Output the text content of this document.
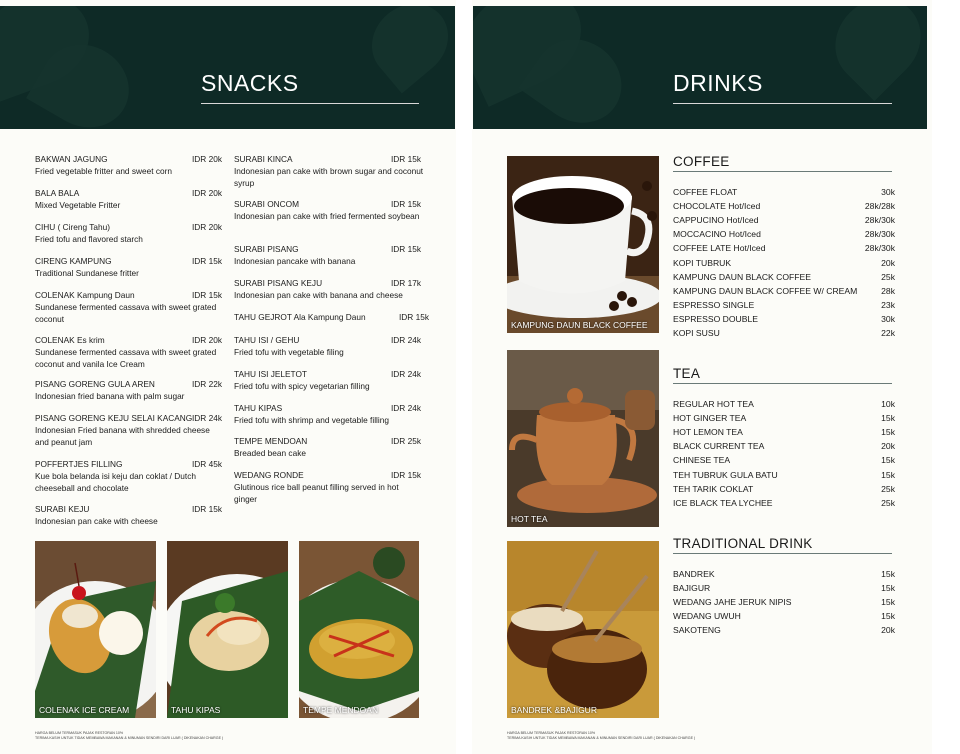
SNACKS
BAKWAN JAGUNG	IDR 20k
Fried vegetable fritter and sweet corn
BALA BALA	IDR 20k
Mixed Vegetable Fritter
CIHU ( Cireng Tahu)	IDR 20k
Fried tofu and flavored starch
CIRENG KAMPUNG	IDR 15k
Traditional Sundanese fritter
COLENAK Kampung Daun	IDR 15k
Sundanese fermented cassava with sweet grated coconut
COLENAK Es krim	IDR 20k
Sundanese fermented cassava with sweet grated coconut and vanila Ice Cream
PISANG GORENG GULA AREN	IDR 22k
Indonesian fried banana with palm sugar
PISANG GORENG KEJU SELAI KACANG IDR 24k
Indonesian Fried banana with shredded cheese and peanut jam
POFFERTJES FILLING	IDR 45k
Kue bola belanda isi keju dan coklat / Dutch cheeseball and chocolate
SURABI KEJU	IDR 15k
Indonesian pan cake with cheese
SURABI KINCA	IDR 15k
Indonesian pan cake with brown sugar and coconut syrup
SURABI ONCOM	IDR 15k
Indonesian pan cake with fried fermented soybean
SURABI PISANG	IDR 15k
Indonesian pancake with banana
SURABI PISANG KEJU	IDR 17k
Indonesian pan cake with banana and cheese
TAHU GEJROT Ala Kampung Daun	IDR 15k
TAHU ISI / GEHU	IDR 24k
Fried tofu with vegetable filing
TAHU ISI JELETOT	IDR 24k
Fried tofu with spicy vegetarian filling
TAHU KIPAS	IDR 24k
Fried tofu with shrimp and vegetable filling
TEMPE MENDOAN	IDR 25k
Breaded bean cake
WEDANG RONDE	IDR 15k
Glutinous rice ball peanut filling served in hot ginger
COLENAK ICE CREAM	TAHU KIPAS	TEMPE MENDOAN
HARGA BELUM TERMASUK PAJAK RESTORAN 10%
TERIMA KASIH UNTUK TIDAK MEMBAWA MAKANAN & MINUMAN SENDIRI DARI LUAR ( DIKENAKAN CHARGE )
DRINKS
KAMPUNG DAUN BLACK COFFEE
HOT TEA
BANDREK &BAJIGUR
COFFEE
COFFEE FLOAT	30k
CHOCOLATE Hot/Iced	28k/28k
CAPPUCINO Hot/Iced	28k/30k
MOCCACINO Hot/Iced	28k/30k
COFFEE LATE Hot/Iced	28k/30k
KOPI TUBRUK	20k
KAMPUNG DAUN BLACK COFFEE	25k
KAMPUNG DAUN BLACK COFFEE W/ CREAM	28k
ESPRESSO SINGLE	23k
ESPRESSO DOUBLE	30k
KOPI SUSU	22k
TEA
REGULAR HOT TEA	10k
HOT GINGER TEA	15k
HOT LEMON TEA	15k
BLACK CURRENT TEA	20k
CHINESE TEA	15k
TEH TUBRUK GULA BATU	15k
TEH TARIK COKLAT	25k
ICE BLACK TEA LYCHEE	25k
TRADITIONAL DRINK
BANDREK	15k
BAJIGUR	15k
WEDANG JAHE JERUK NIPIS	15k
WEDANG UWUH	15k
SAKOTENG	20k
HARGA BELUM TERMASUK PAJAK RESTORAN 10%
TERIMA KASIH UNTUK TIDAK MEMBAWA MAKANAN & MINUMAN SENDIRI DARI LUAR ( DIKENAKAN CHARGE )
